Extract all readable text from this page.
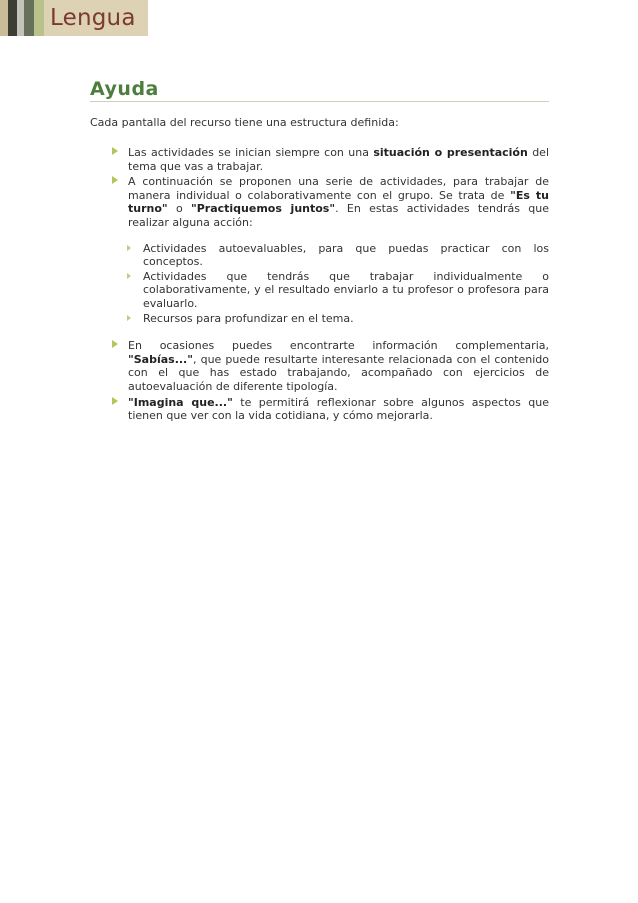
Lengua
Ayuda

Cada pantalla del recurso tiene una estructura definida:

Las actividades se inician siempre con una situación o presentación del tema que vas a trabajar.
A continuación se proponen una serie de actividades, para trabajar de manera individual o colaborativamente con el grupo. Se trata de "Es tu turno" o "Practiquemos juntos". En estas actividades tendrás que realizar alguna acción:
Actividades autoevaluables, para que puedas practicar con los conceptos.
Actividades que tendrás que trabajar individualmente o colaborativamente, y el resultado enviarlo a tu profesor o profesora para evaluarlo.
Recursos para profundizar en el tema.
En ocasiones puedes encontrarte información complementaria, "Sabías...", que puede resultarte interesante relacionada con el contenido con el que has estado trabajando, acompañado con ejercicios de autoevaluación de diferente tipología.
"Imagina que..." te permitirá reflexionar sobre algunos aspectos que tienen que ver con la vida cotidiana, y cómo mejorarla.
